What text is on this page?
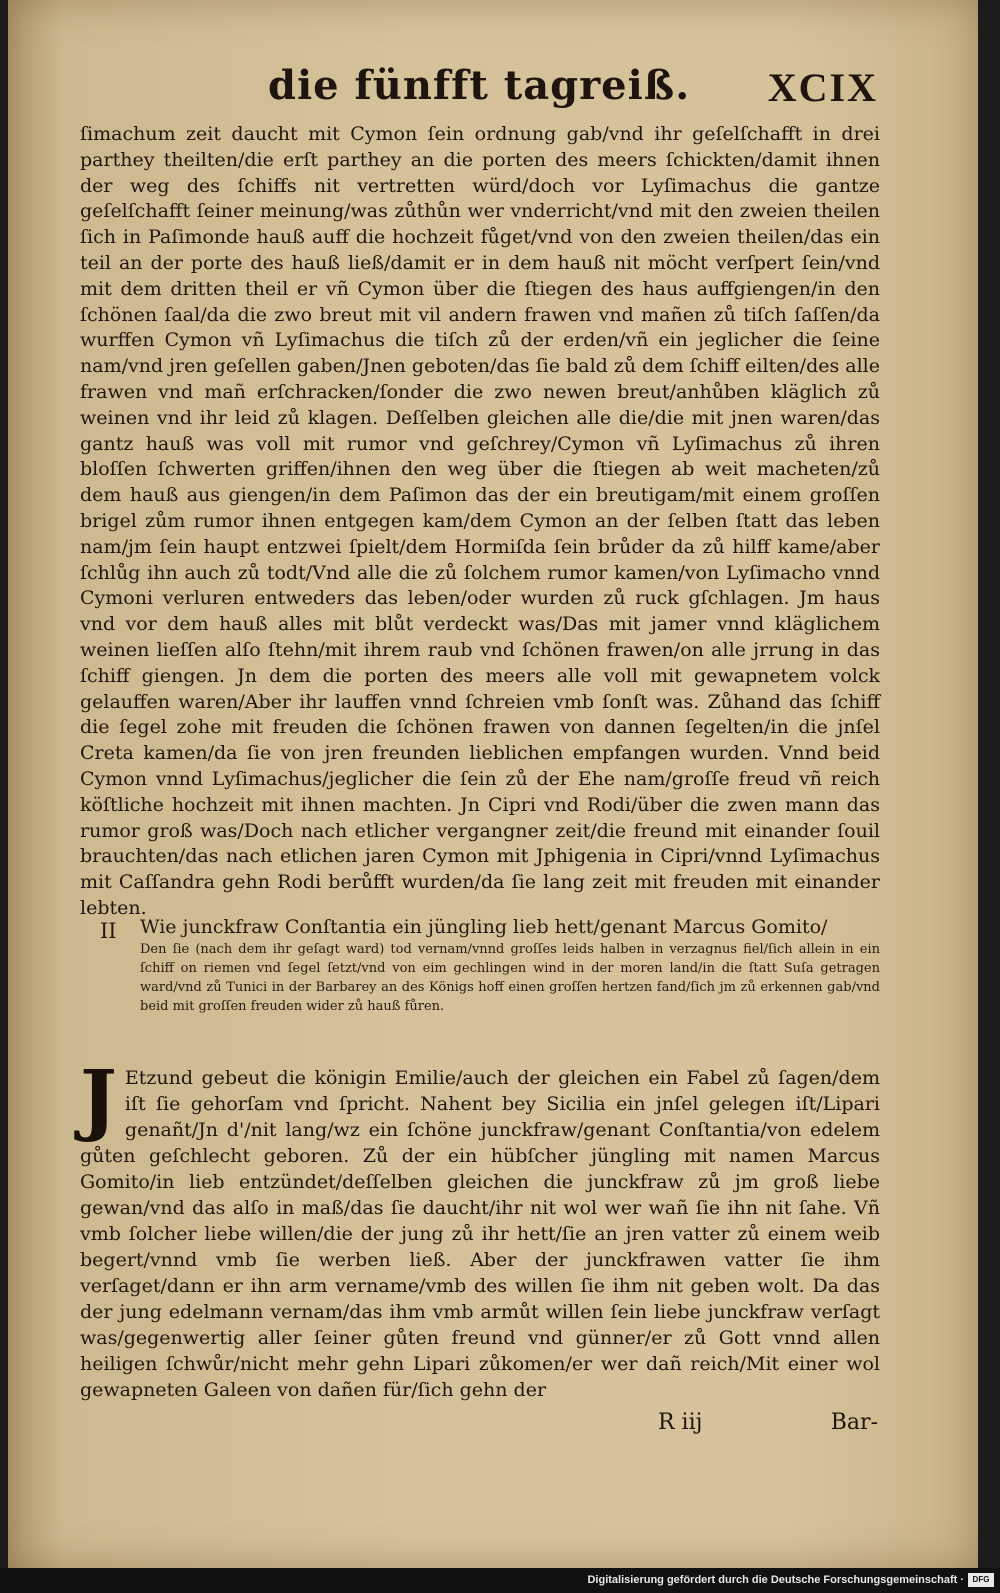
die fünfft tagreiß. XCIX

ſimachum zeit daucht mit Cymon ſein ordnung gab/vnd ihr geſelſchafft in drei parthey theilten/die erſt parthey an die porten des meers ſchickten/damit ihnen der weg des ſchiffs nit vertretten würd/doch vor Lyſimachus die gantze geſelſchafft ſeiner meinung/was zůthůn wer vnderricht/vnd mit den zweien theilen ſich in Paſimonde hauß auff die hochzeit fůget/vnd von den zweien theilen/das ein teil an der porte des hauß ließ/damit er in dem hauß nit möcht verſpert ſein/vnd mit dem dritten theil er vñ Cymon über die ſtiegen des haus auffgiengen/in den ſchönen ſaal/da die zwo breut mit vil andern frawen vnd mañen zů tiſch ſaſſen/da wurffen Cymon vñ Lyſimachus die tiſch zů der erden/vñ ein jeglicher die ſeine nam/vnd jren geſellen gaben/Jnen geboten/das ſie bald zů dem ſchiff eilten/des alle frawen vnd mañ erſchracken/ſonder die zwo newen breut/anhůben kläglich zů weinen vnd ihr leid zů klagen. Deſſelben gleichen alle die/die mit jnen waren/das gantz hauß was voll mit rumor vnd geſchrey/Cymon vñ Lyſimachus zů ihren bloſſen ſchwerten griffen/ihnen den weg über die ſtiegen ab weit macheten/zů dem hauß aus giengen/in dem Paſimon das der ein breutigam/mit einem groſſen brigel zům rumor ihnen entgegen kam/dem Cymon an der ſelben ſtatt das leben nam/jm ſein haupt entzwei ſpielt/dem Hormiſda ſein brůder da zů hilff kame/aber ſchlůg ihn auch zů todt/Vnd alle die zů ſolchem rumor kamen/von Lyſimacho vnnd Cymoni verluren entweders das leben/oder wurden zů ruck gſchlagen. Jm haus vnd vor dem hauß alles mit blůt verdeckt was/Das mit jamer vnnd kläglichem weinen lieſſen alſo ſtehn/mit ihrem raub vnd ſchönen frawen/on alle jrrung in das ſchiff giengen. Jn dem die porten des meers alle voll mit gewapnetem volck gelauffen waren/Aber ihr lauffen vnnd ſchreien vmb ſonſt was. Zůhand das ſchiff die ſegel zohe mit freuden die ſchönen frawen von dannen ſegelten/in die jnſel Creta kamen/da ſie von jren freunden lieblichen empfangen wurden. Vnnd beid Cymon vnnd Lyſimachus/jeglicher die ſein zů der Ehe nam/groſſe freud vñ reich köſtliche hochzeit mit ihnen machten. Jn Cipri vnd Rodi/über die zwen mann das rumor groß was/Doch nach etlicher vergangner zeit/die freund mit einander ſouil brauchten/das nach etlichen jaren Cymon mit Jphigenia in Cipri/vnnd Lyſimachus mit Caſſandra gehn Rodi berůfft wurden/da ſie lang zeit mit freuden mit einander lebten.

II Wie junckfraw Conſtantia ein jüngling lieb hett/genant Marcus Gomito/
Den ſie (nach dem ihr geſagt ward) tod vernam/vnnd groſſes leids halben in verzagnus fiel/ſich allein in ein ſchiff on riemen vnd ſegel ſetzt/vnd von eim gechlingen wind in der moren land/in die ſtatt Suſa getragen ward/vnd zů Tunici in der Barbarey an des Königs hoff einen groſſen hertzen fand/ſich jm zů erkennen gab/vnd beid mit groſſen freuden wider zů hauß fůren.
J Etzund gebeut die königin Emilie/auch der gleichen ein Fabel zů ſagen/dem iſt ſie gehorſam vnd ſpricht. Nahent bey Sicilia ein jnſel gelegen iſt/Lipari genañt/Jn d'/nit lang/wz ein ſchöne junckfraw/genant Conſtantia/von edelem gůten geſchlecht geboren. Zů der ein hübſcher jüngling mit namen Marcus Gomito/in lieb entzündet/deſſelben gleichen die junckfraw zů jm groß liebe gewan/vnd das alſo in maß/das ſie daucht/ihr nit wol wer wañ ſie ihn nit ſahe. Vñ vmb ſolcher liebe willen/die der jung zů ihr hett/ſie an jren vatter zů einem weib begert/vnnd vmb ſie werben ließ. Aber der junckfrawen vatter ſie ihm verſaget/dann er ihn arm vername/vmb des willen ſie ihm nit geben wolt. Da das der jung edelmann vernam/das ihm vmb armůt willen ſein liebe junckfraw verſagt was/gegenwertig aller ſeiner gůten freund vnd günner/er zů Gott vnnd allen heiligen ſchwůr/nicht mehr gehn Lipari zůkomen/er wer dañ reich/Mit einer wol gewapneten Galeen von dañen für/ſich gehn der
R iij	Bar-
Digitalisierung gefördert durch die Deutsche Forschungsgemeinschaft ·	DFG
